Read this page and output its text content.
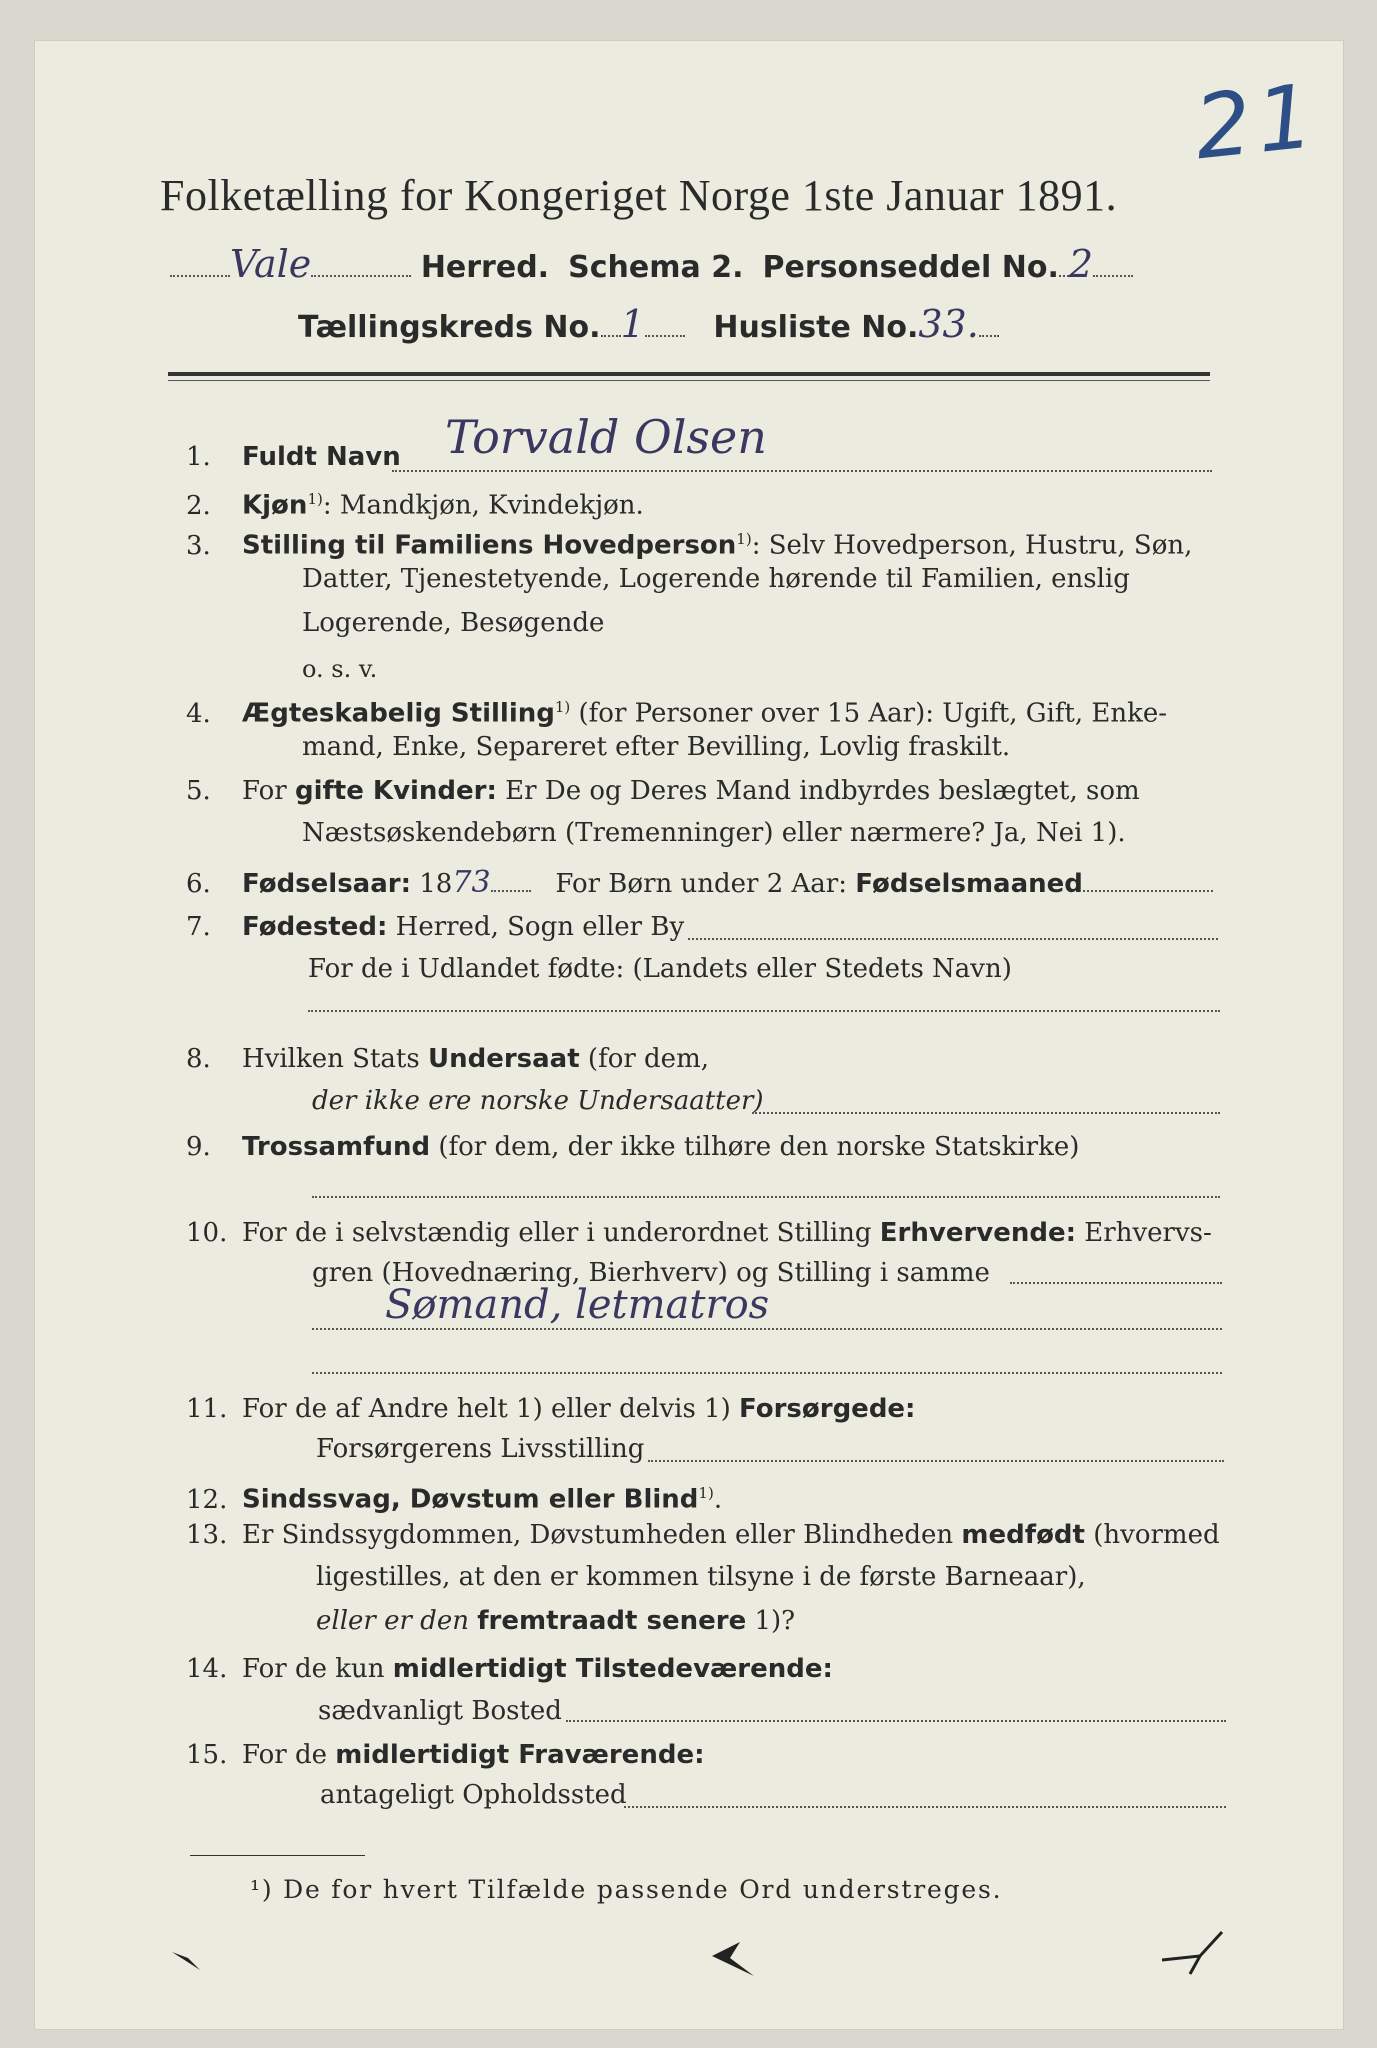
21
Folketælling for Kongeriget Norge 1ste Januar 1891.
Vale	Herred. Schema 2. Personseddel No. 2
Tællingskreds No. 1 Husliste No.33.
1. Fuldt Navn Torvald Olsen
2. Kjøn$^{1)}$: Mandkjøn, Kvindekjøn.
3. Stilling til Familiens Hovedperson$^{1)}$: Selv Hovedperson, Hustru, Søn,
Datter, Tjenestetyende, Logerende hørende til Familien, enslig
Logerende, Besøgende
o. s. v.
4. Ægteskabelig Stilling$^{1)}$ (for Personer over 15 Aar): Ugift, Gift, Enke-
mand, Enke, Separeret efter Bevilling, Lovlig fraskilt.
5. For gifte Kvinder: Er De og Deres Mand indbyrdes beslægtet, som
Næstsøskendebørn (Tremenninger) eller nærmere? Ja, Nei 1).
6. Fødselsaar: 1873 For Børn under 2 Aar: Fødselsmaaned
7. Fødested: Herred, Sogn eller By
For de i Udlandet fødte: (Landets eller Stedets Navn)
8. Hvilken Stats Undersaat (for dem,
der ikke ere norske Undersaatter)
9. Trossamfund (for dem, der ikke tilhøre den norske Statskirke)
10. For de i selvstændig eller i underordnet Stilling Erhvervende: Erhvervs-
gren (Hovednæring, Bierhverv) og Stilling i samme
Sømand, letmatros
11. For de af Andre helt 1) eller delvis 1) Forsørgede:
Forsørgerens Livsstilling
12. Sindssvag, Døvstum eller Blind$^{1)}$.
13. Er Sindssygdommen, Døvstumheden eller Blindheden medfødt (hvormed
ligestilles, at den er kommen tilsyne i de første Barneaar),
eller er den fremtraadt senere 1)?
14. For de kun midlertidigt Tilstedeværende:
sædvanligt Bosted
15. For de midlertidigt Fraværende:
antageligt Opholdssted
¹) De for hvert Tilfælde passende Ord understreges.
